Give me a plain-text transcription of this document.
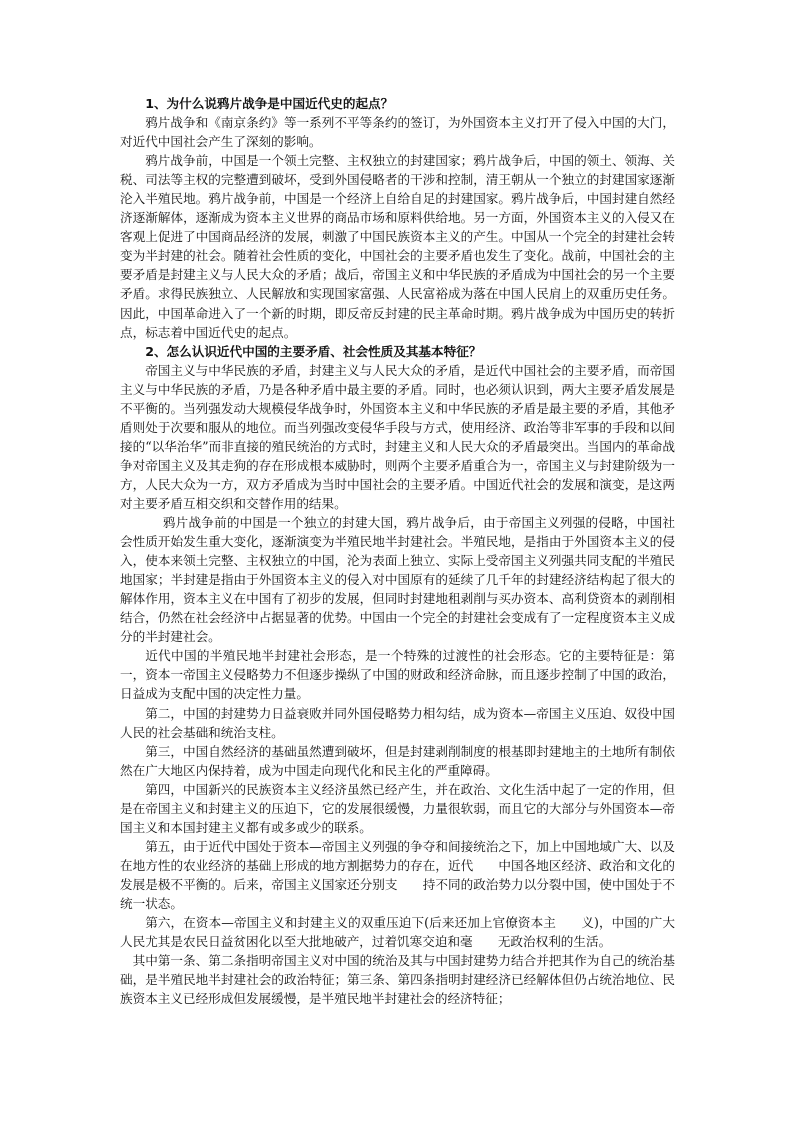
1、为什么说鸦片战争是中国近代史的起点？

鸦片战争和《南京条约》等一系列不平等条约的签订，为外国资本主义打开了侵入中国的大门，对近代中国社会产生了深刻的影响。

鸦片战争前，中国是一个领土完整、主权独立的封建国家；鸦片战争后，中国的领土、领海、关税、司法等主权的完整遭到破坏，受到外国侵略者的干涉和控制，清王朝从一个独立的封建国家逐渐沦入半殖民地。鸦片战争前，中国是一个经济上自给自足的封建国家。鸦片战争后，中国封建自然经济逐渐解体，逐渐成为资本主义世界的商品市场和原料供给地。另一方面，外国资本主义的入侵又在客观上促进了中国商品经济的发展，刺激了中国民族资本主义的产生。中国从一个完全的封建社会转变为半封建的社会。随着社会性质的变化，中国社会的主要矛盾也发生了变化。战前，中国社会的主要矛盾是封建主义与人民大众的矛盾；战后，帝国主义和中华民族的矛盾成为中国社会的另一个主要矛盾。求得民族独立、人民解放和实现国家富强、人民富裕成为落在中国人民肩上的双重历史任务。因此，中国革命进入了一个新的时期，即反帝反封建的民主革命时期。鸦片战争成为中国历史的转折点，标志着中国近代史的起点。

2、怎么认识近代中国的主要矛盾、社会性质及其基本特征？

帝国主义与中华民族的矛盾，封建主义与人民大众的矛盾，是近代中国社会的主要矛盾，而帝国主义与中华民族的矛盾，乃是各种矛盾中最主要的矛盾。同时，也必须认识到，两大主要矛盾发展是不平衡的。当列强发动大规模侵华战争时，外国资本主义和中华民族的矛盾是最主要的矛盾，其他矛盾则处于次要和服从的地位。而当列强改变侵华手段与方式，使用经济、政治等非军事的手段和以间接的“以华治华”而非直接的殖民统治的方式时，封建主义和人民大众的矛盾最突出。当国内的革命战争对帝国主义及其走狗的存在形成根本威胁时，则两个主要矛盾重合为一，帝国主义与封建阶级为一方，人民大众为一方，双方矛盾成为当时中国社会的主要矛盾。中国近代社会的发展和演变，是这两对主要矛盾互相交织和交替作用的结果。

鸦片战争前的中国是一个独立的封建大国，鸦片战争后，由于帝国主义列强的侵略，中国社会性质开始发生重大变化，逐渐演变为半殖民地半封建社会。半殖民地，是指由于外国资本主义的侵入，使本来领土完整、主权独立的中国，沦为表面上独立、实际上受帝国主义列强共同支配的半殖民地国家；半封建是指由于外国资本主义的侵入对中国原有的延续了几千年的封建经济结构起了很大的解体作用，资本主义在中国有了初步的发展，但同时封建地租剥削与买办资本、高利贷资本的剥削相结合，仍然在社会经济中占据显著的优势。中国由一个完全的封建社会变成有了一定程度资本主义成分的半封建社会。

近代中国的半殖民地半封建社会形态，是一个特殊的过渡性的社会形态。它的主要特征是：第一，资本一帝国主义侵略势力不但逐步操纵了中国的财政和经济命脉，而且逐步控制了中国的政治，日益成为支配中国的决定性力量。

第二，中国的封建势力日益衰败并同外国侵略势力相勾结，成为资本—帝国主义压迫、奴役中国人民的社会基础和统治支柱。

第三，中国自然经济的基础虽然遭到破坏，但是封建剥削制度的根基即封建地主的土地所有制依然在广大地区内保持着，成为中国走向现代化和民主化的严重障碍。

第四，中国新兴的民族资本主义经济虽然已经产生，并在政治、文化生活中起了一定的作用，但是在帝国主义和封建主义的压迫下，它的发展很缓慢，力量很软弱，而且它的大部分与外国资本—帝国主义和本国封建主义都有或多或少的联系。

第五，由于近代中国处于资本—帝国主义列强的争夺和间接统治之下，加上中国地域广大、以及在地方性的农业经济的基础上形成的地方割据势力的存在，近代　　中国各地区经济、政治和文化的发展是极不平衡的。后来，帝国主义国家还分别支　　持不同的政治势力以分裂中国，使中国处于不统一状态。

第六，在资本—帝国主义和封建主义的双重压迫下(后来还加上官僚资本主　　义)，中国的广大人民尤其是农民日益贫困化以至大批地破产，过着饥寒交迫和毫　　无政治权利的生活。

其中第一条、第二条指明帝国主义对中国的统治及其与中国封建势力结合并把其作为自己的统治基础，是半殖民地半封建社会的政治特征；第三条、第四条指明封建经济已经解体但仍占统治地位、民族资本主义已经形成但发展缓慢，是半殖民地半封建社会的经济特征；
